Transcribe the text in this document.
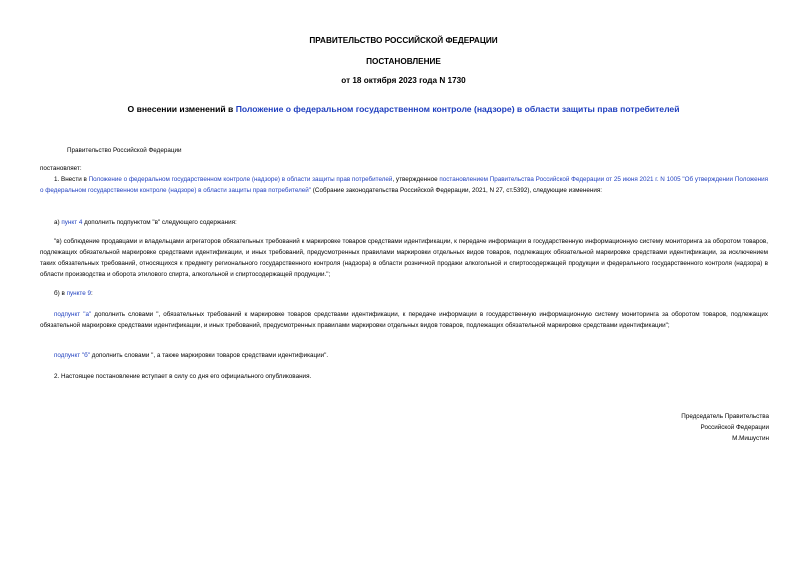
ПРАВИТЕЛЬСТВО РОССИЙСКОЙ ФЕДЕРАЦИИ
ПОСТАНОВЛЕНИЕ
от 18 октября 2023 года N 1730
О внесении изменений в Положение о федеральном государственном контроле (надзоре) в области защиты прав потребителей
Правительство Российской Федерации
постановляет:

1. Внести в Положение о федеральном государственном контроле (надзоре) в области защиты прав потребителей, утвержденное постановлением Правительства Российской Федерации от 25 июня 2021 г. N 1005 "Об утверждении Положения о федеральном государственном контроле (надзоре) в области защиты прав потребителей" (Собрание законодательства Российской Федерации, 2021, N 27, ст.5392), следующие изменения:

а) пункт 4 дополнить подпунктом "в" следующего содержания:

"в) соблюдение продавцами и владельцами агрегаторов обязательных требований к маркировке товаров средствами идентификации, к передаче информации в государственную информационную систему мониторинга за оборотом товаров, подлежащих обязательной маркировке средствами идентификации, и иных требований, предусмотренных правилами маркировки отдельных видов товаров, подлежащих обязательной маркировке средствами идентификации, за исключением таких обязательных требований, относящихся к предмету регионального государственного контроля (надзора) в области розничной продажи алкогольной и спиртосодержащей продукции и федерального государственного контроля (надзора) в области производства и оборота этилового спирта, алкогольной и спиртосодержащей продукции.";

б) в пункте 9:

подпункт "а" дополнить словами ", обязательных требований к маркировке товаров средствами идентификации, к передаче информации в государственную информационную систему мониторинга за оборотом товаров, подлежащих обязательной маркировке средствами идентификации, и иных требований, предусмотренных правилами маркировки отдельных видов товаров, подлежащих обязательной маркировке средствами идентификации";

подпункт "б" дополнить словами ", а также маркировки товаров средствами идентификации".

2. Настоящее постановление вступает в силу со дня его официального опубликования.

Председатель Правительства
Российской Федерации
М.Мишустин
